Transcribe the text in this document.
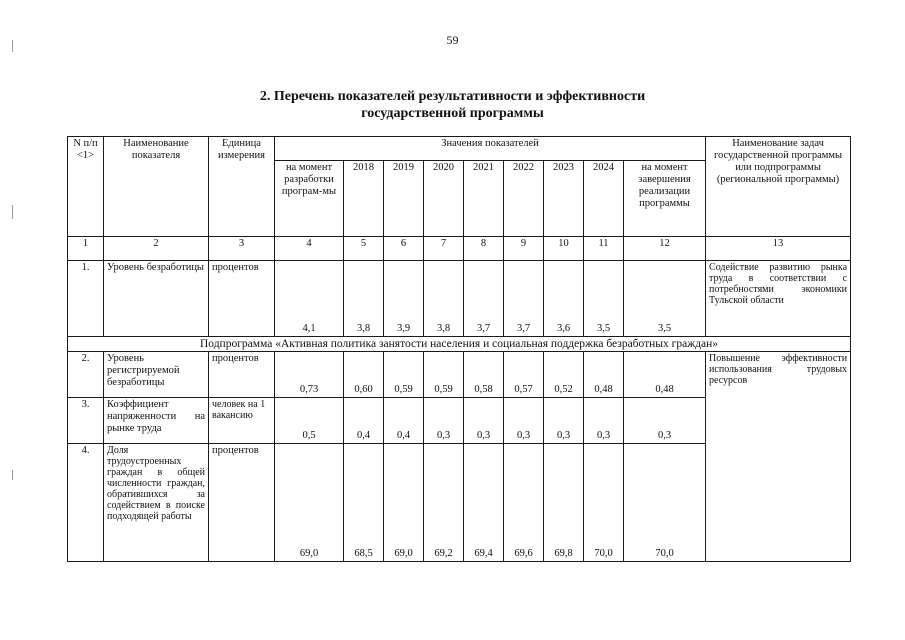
59
2. Перечень показателей результативности и эффективности
государственной программы
N п/п <1>	Наименование показателя	Единица измерения	Значения показателей									Наименование задач государственной программы или подпрограммы (региональной программы)
			на момент разработки програм-мы	2018	2019	2020	2021	2022	2023	2024	на момент завершения реализации программы	
1	2	3	4	5	6	7	8	9	10	11	12	13
1.	Уровень безработицы	процентов	4,1	3,8	3,9	3,8	3,7	3,7	3,6	3,5	3,5	Содействие развитию рынка труда в соответствии с потребностями экономики Тульской области
Подпрограмма «Активная политика занятости населения и социальная поддержка безработных граждан»												
2.	Уровень регистрируемой безработицы	процентов	0,73	0,60	0,59	0,59	0,58	0,57	0,52	0,48	0,48	Повышение эффективности использования трудовых ресурсов
3.	Коэффициент напряженности на рынке труда	человек на 1 вакансию	0,5	0,4	0,4	0,3	0,3	0,3	0,3	0,3	0,3	
4.	Доля трудоустроенных граждан в общей численности граждан, обратившихся за содействием в поиске подходящей работы	процентов	69,0	68,5	69,0	69,2	69,4	69,6	69,8	70,0	70,0	
